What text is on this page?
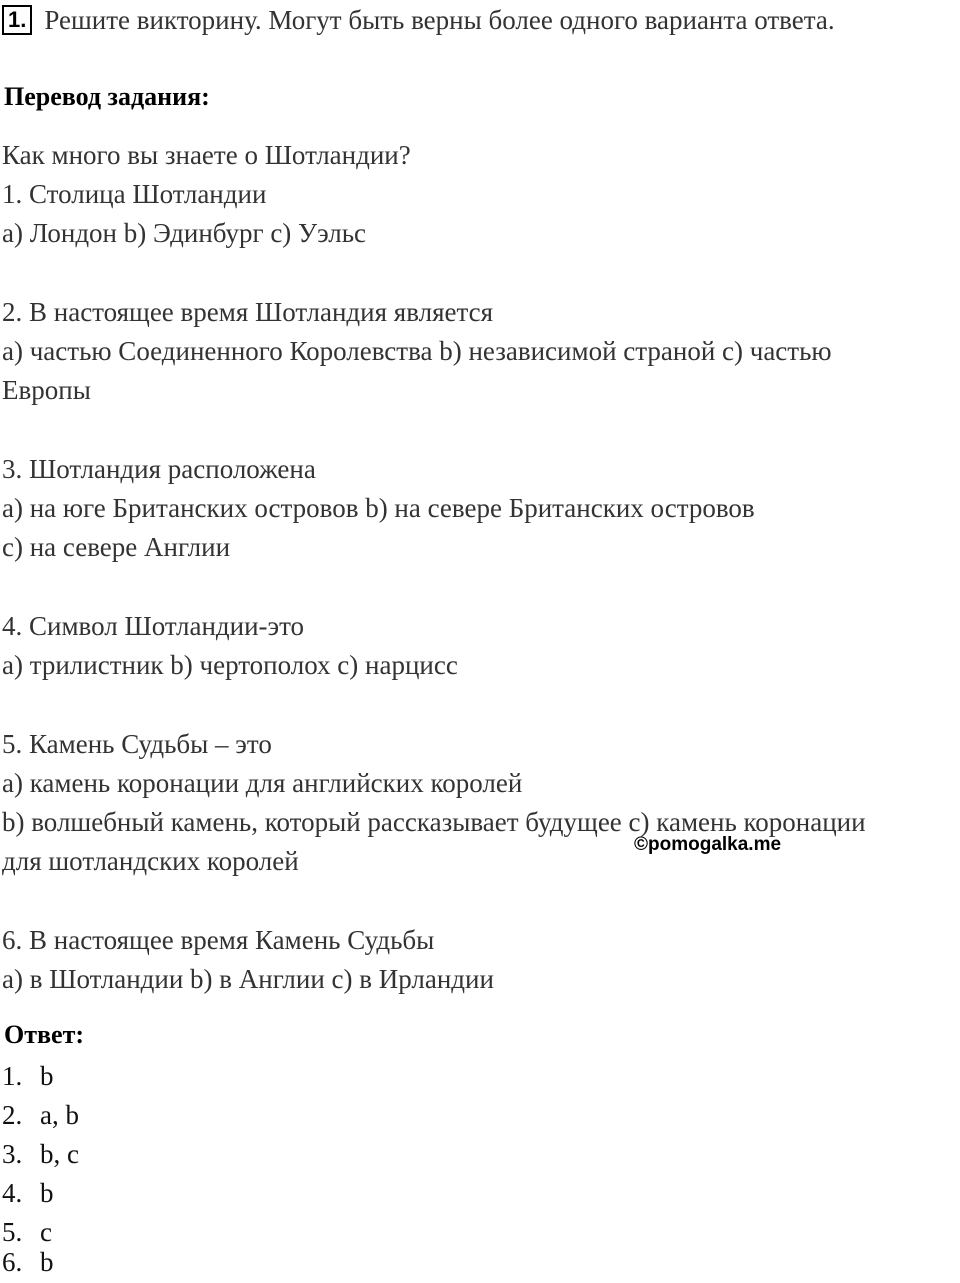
1. Решите викторину. Могут быть верны более одного варианта ответа.
Перевод задания:
Как много вы знаете о Шотландии?
1. Столица Шотландии
a) Лондон b) Эдинбург c) Уэльс
2. В настоящее время Шотландия является
a) частью Соединенного Королевства b) независимой страной c) частью
Европы
3. Шотландия расположена
a) на юге Британских островов b) на севере Британских островов
c) на севере Англии
4. Символ Шотландии-это
a) трилистник b) чертополох c) нарцисс
5. Камень Судьбы – это
a) камень коронации для английских королей
b) волшебный камень, который рассказывает будущее c) камень коронации
для шотландских королей
©pomogalka.me
6. В настоящее время Камень Судьбы
a) в Шотландии b) в Англии c) в Ирландии
Ответ:
1. b
2. a, b
3. b, c
4. b
5. c
6. b
